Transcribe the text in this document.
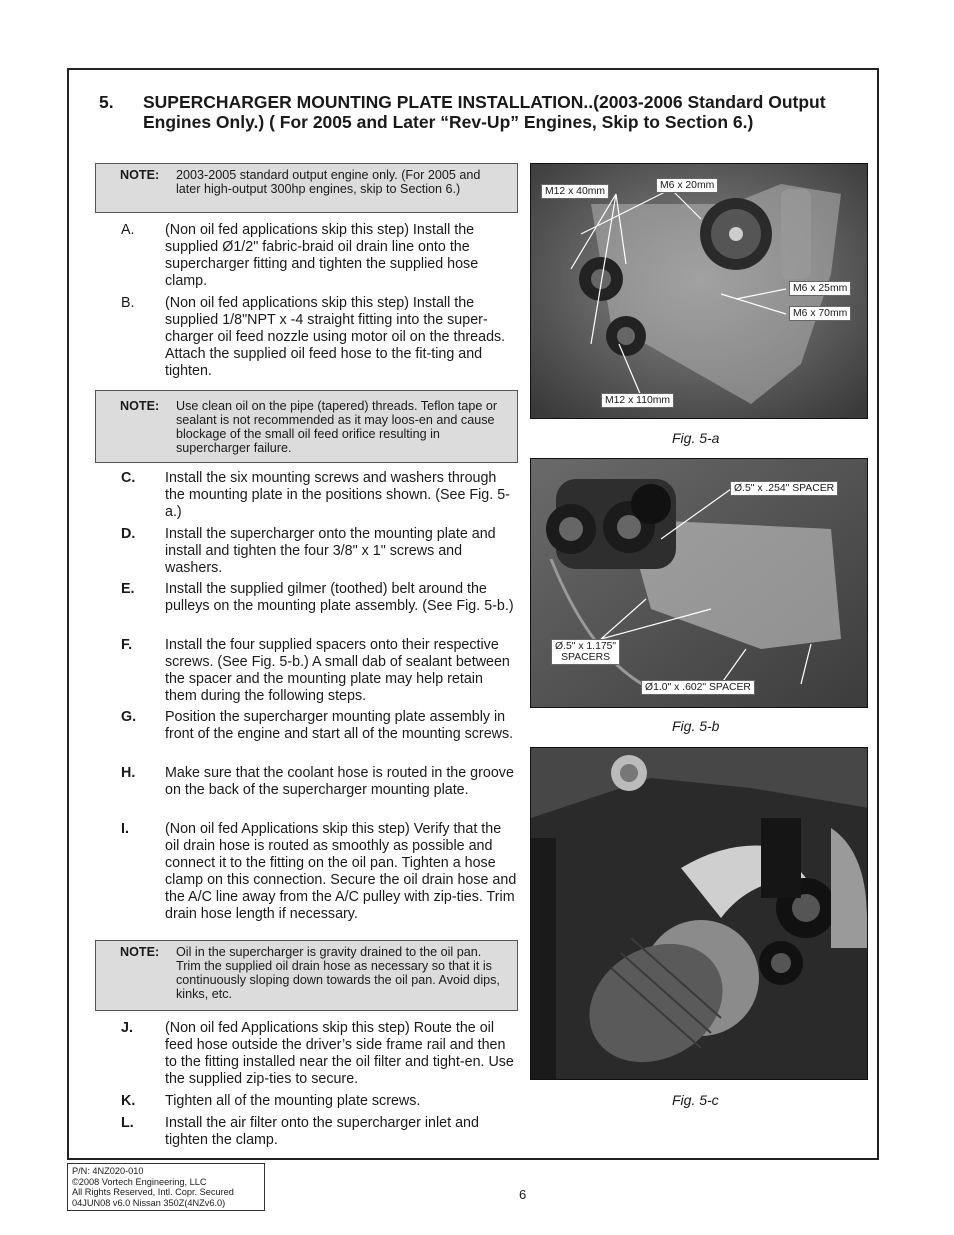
5. SUPERCHARGER MOUNTING PLATE INSTALLATION..(2003-2006 Standard Output Engines Only.) ( For 2005 and Later “Rev-Up” Engines, Skip to Section 6.)
NOTE: 2003-2005 standard output engine only. (For 2005 and later high-output 300hp engines, skip to Section 6.)
A. (Non oil fed applications skip this step) Install the supplied Ø1/2" fabric-braid oil drain line onto the supercharger fitting and tighten the supplied hose clamp.
B. (Non oil fed applications skip this step) Install the supplied 1/8"NPT x -4 straight fitting into the super-charger oil feed nozzle using motor oil on the threads. Attach the supplied oil feed hose to the fit-ting and tighten.
NOTE: Use clean oil on the pipe (tapered) threads. Teflon tape or sealant is not recommended as it may loos-en and cause blockage of the small oil feed orifice resulting in supercharger failure.
C. Install the six mounting screws and washers through the mounting plate in the positions shown. (See Fig. 5-a.)
D. Install the supercharger onto the mounting plate and install and tighten the four 3/8" x 1" screws and washers.
E. Install the supplied gilmer (toothed) belt around the pulleys on the mounting plate assembly. (See Fig. 5-b.)
F. Install the four supplied spacers onto their respective screws. (See Fig. 5-b.) A small dab of sealant between the spacer and the mounting plate may help retain them during the following steps.
G. Position the supercharger mounting plate assembly in front of the engine and start all of the mounting screws.
H. Make sure that the coolant hose is routed in the groove on the back of the supercharger mounting plate.
I.	(Non oil fed Applications skip this step) Verify that the oil drain hose is routed as smoothly as possible and connect it to the fitting on the oil pan. Tighten a hose clamp on this connection. Secure the oil drain hose and the A/C line away from the A/C pulley with zip-ties. Trim drain hose length if necessary.
NOTE: Oil in the supercharger is gravity drained to the oil pan. Trim the supplied oil drain hose as necessary so that it is continuously sloping down towards the oil pan. Avoid dips, kinks, etc.
J. (Non oil fed Applications skip this step) Route the oil feed hose outside the driver’s side frame rail and then to the fitting installed near the oil filter and tight-en. Use the supplied zip-ties to secure.
K. Tighten all of the mounting plate screws.
L. Install the air filter onto the supercharger inlet and tighten the clamp.
M12 x 40mm
M6 x 20mm
M6 x 25mm
M6 x 70mm
M12 x 110mm
Fig. 5-a
Ø.5" x .254" SPACER
Ø.5" x 1.175"
SPACERS
Ø1.0" x .602" SPACER
Fig. 5-b
Fig. 5-c
P/N: 4NZ020-010
©2008 Vortech Engineering, LLC
All Rights Reserved, Intl. Copr. Secured
04JUN08 v6.0 Nissan 350Z(4NZv6.0)
6
